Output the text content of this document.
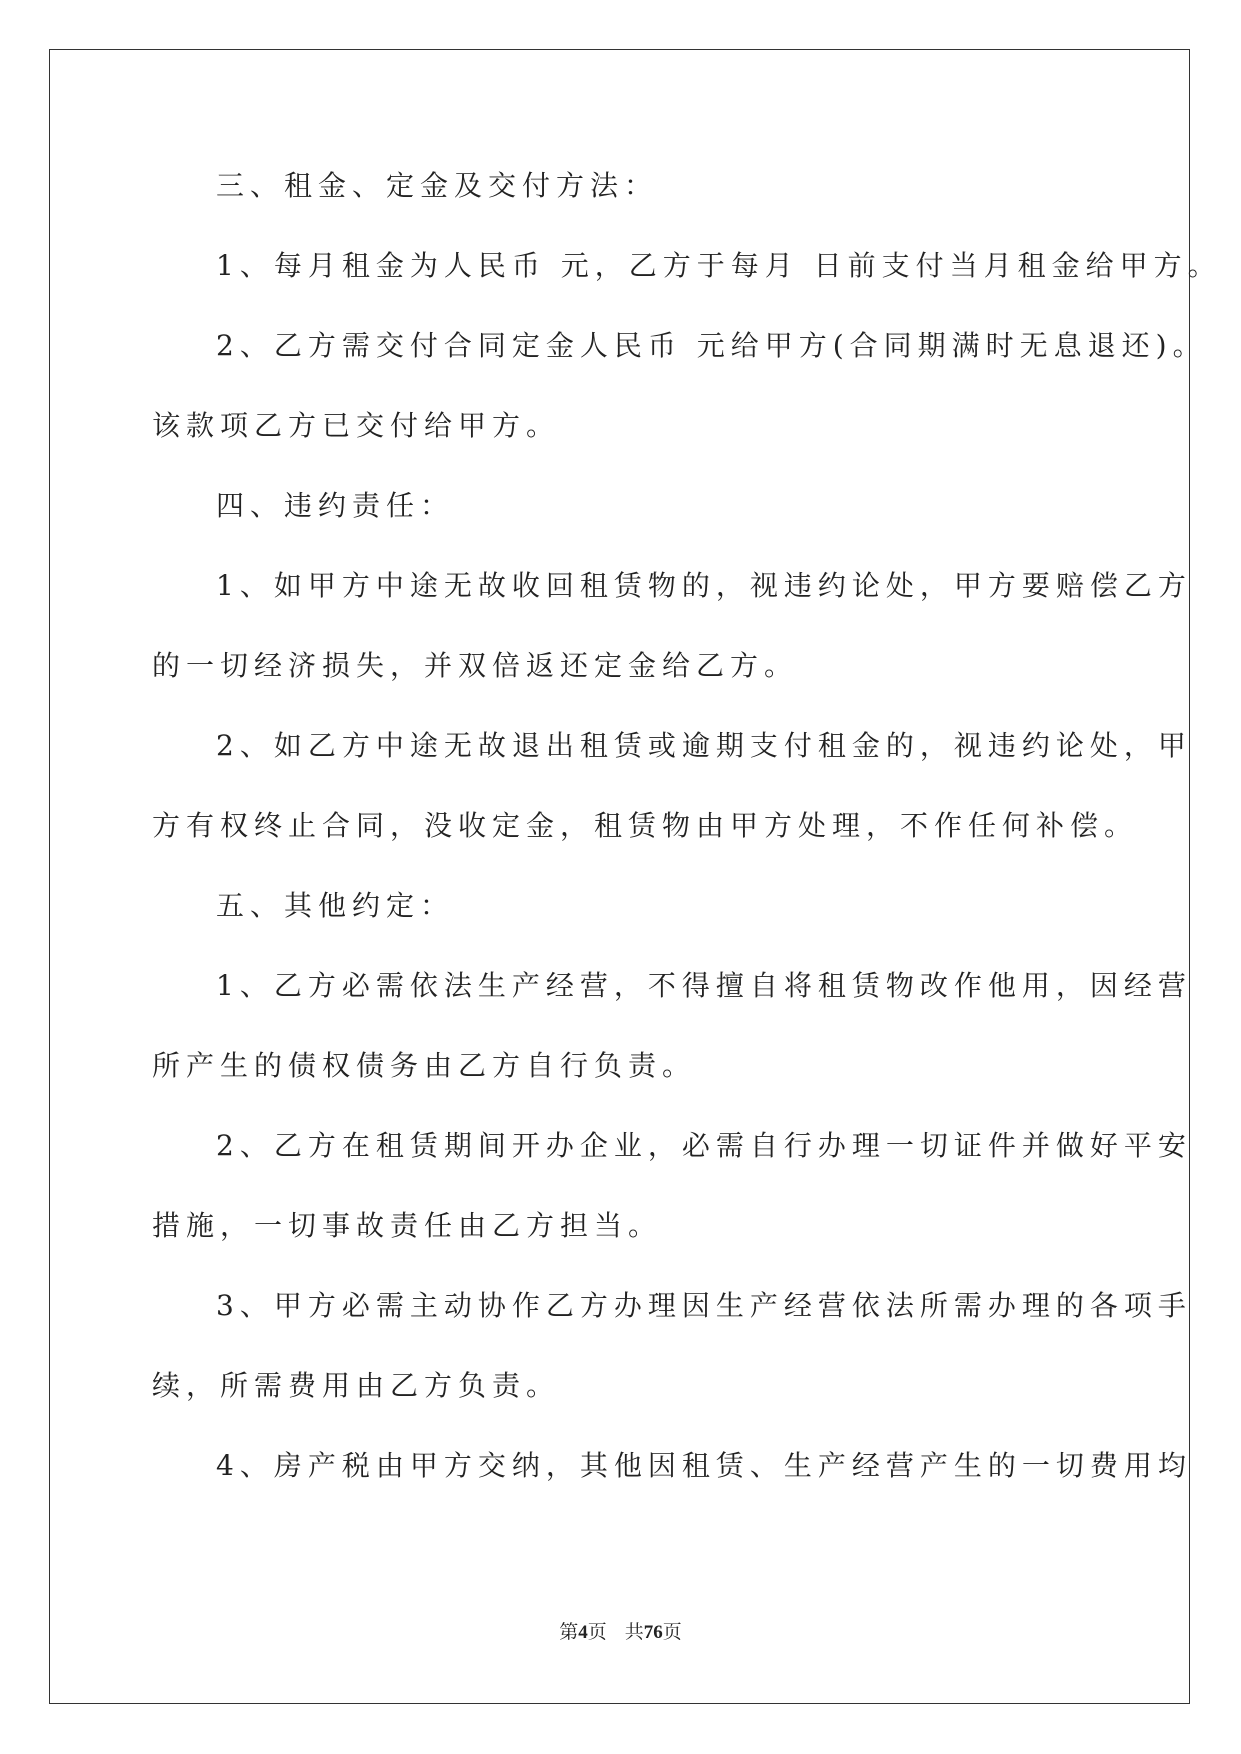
三、租金、定金及交付方法：
1、每月租金为人民币 元，乙方于每月 日前支付当月租金给甲方。
2、乙方需交付合同定金人民币 元给甲方(合同期满时无息退还)。
该款项乙方已交付给甲方。
四、违约责任：
1、如甲方中途无故收回租赁物的，视违约论处，甲方要赔偿乙方
的一切经济损失，并双倍返还定金给乙方。
2、如乙方中途无故退出租赁或逾期支付租金的，视违约论处，甲
方有权终止合同，没收定金，租赁物由甲方处理，不作任何补偿。
五、其他约定：
1、乙方必需依法生产经营，不得擅自将租赁物改作他用，因经营
所产生的债权债务由乙方自行负责。
2、乙方在租赁期间开办企业，必需自行办理一切证件并做好平安
措施，一切事故责任由乙方担当。
3、甲方必需主动协作乙方办理因生产经营依法所需办理的各项手
续，所需费用由乙方负责。
4、房产税由甲方交纳，其他因租赁、生产经营产生的一切费用均
第4页 共76页
